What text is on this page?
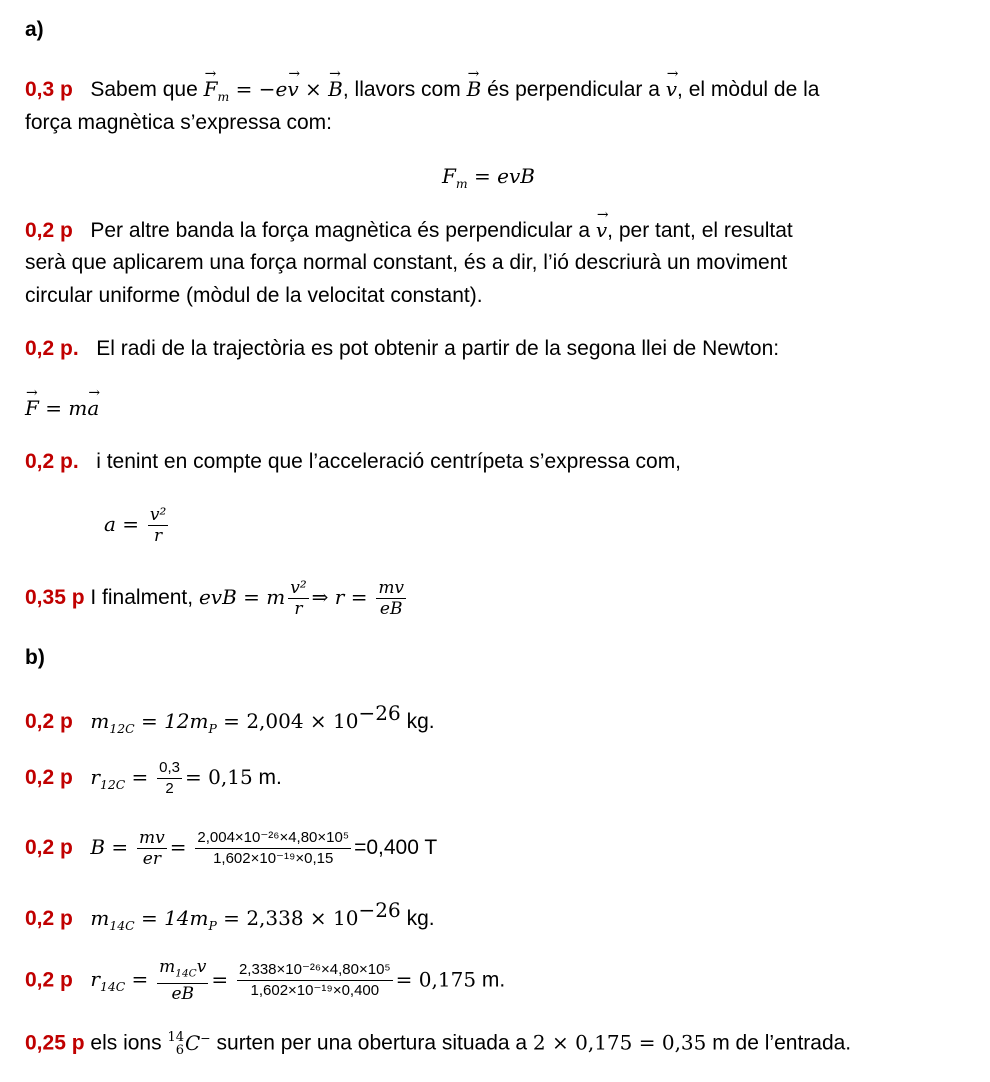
a)
0,3 p Sabem que → $F_m = -e\to v$ × → B, llavors com → B és perpendicular a → v, el mòdul de la
força magnètica s’expressa com:
$F_m$ = evB
0,2 p Per altre banda la força magnètica és perpendicular a → v, per tant, el resultat
serà que aplicarem una força normal constant, és a dir, l’ió descriurà un moviment
circular uniforme (mòdul de la velocitat constant).
0,2 p. El radi de la trajectòria es pot obtenir a partir de la segona llei de Newton:
→ F = m→ a
0,2 p. i tenint en compte que l’acceleració centrípeta s’expressa com,
$a = \frac{\text{v²}}{r}$
0,35 p I finalment, evB = m $\frac{\text{v²}}{r}$ ⇒ $r = \frac{mv}{eB}$
b)
0,2 p $m_{12C} = 12m_P = 2,004 \times 10^{-26}$ kg.
0,2 p $r_{12C} = \frac{0,3}{2} = 0,15$ m.
0,2 p $B = \frac{mv}{er} = \frac{\text{2,004×10⁻²⁶×4,80×10⁵}}{\text{1,602×10⁻¹⁹×0,15}} =0,400$ T
0,2 p $m_{14C} = 14m_P = 2,338 \times 10^{-26}$ kg.
0,2 p $r_{14C} = \frac{m_{14C}v}{eB} = \frac{\text{2,338×10⁻²⁶×4,80×10⁵}}{\text{1,602×10⁻¹⁹×0,400}} = 0,175$ m.
0,25 p els ions 14
6 C− surten per una obertura situada a 2 × 0,175 = 0,35 m de l’entrada.
